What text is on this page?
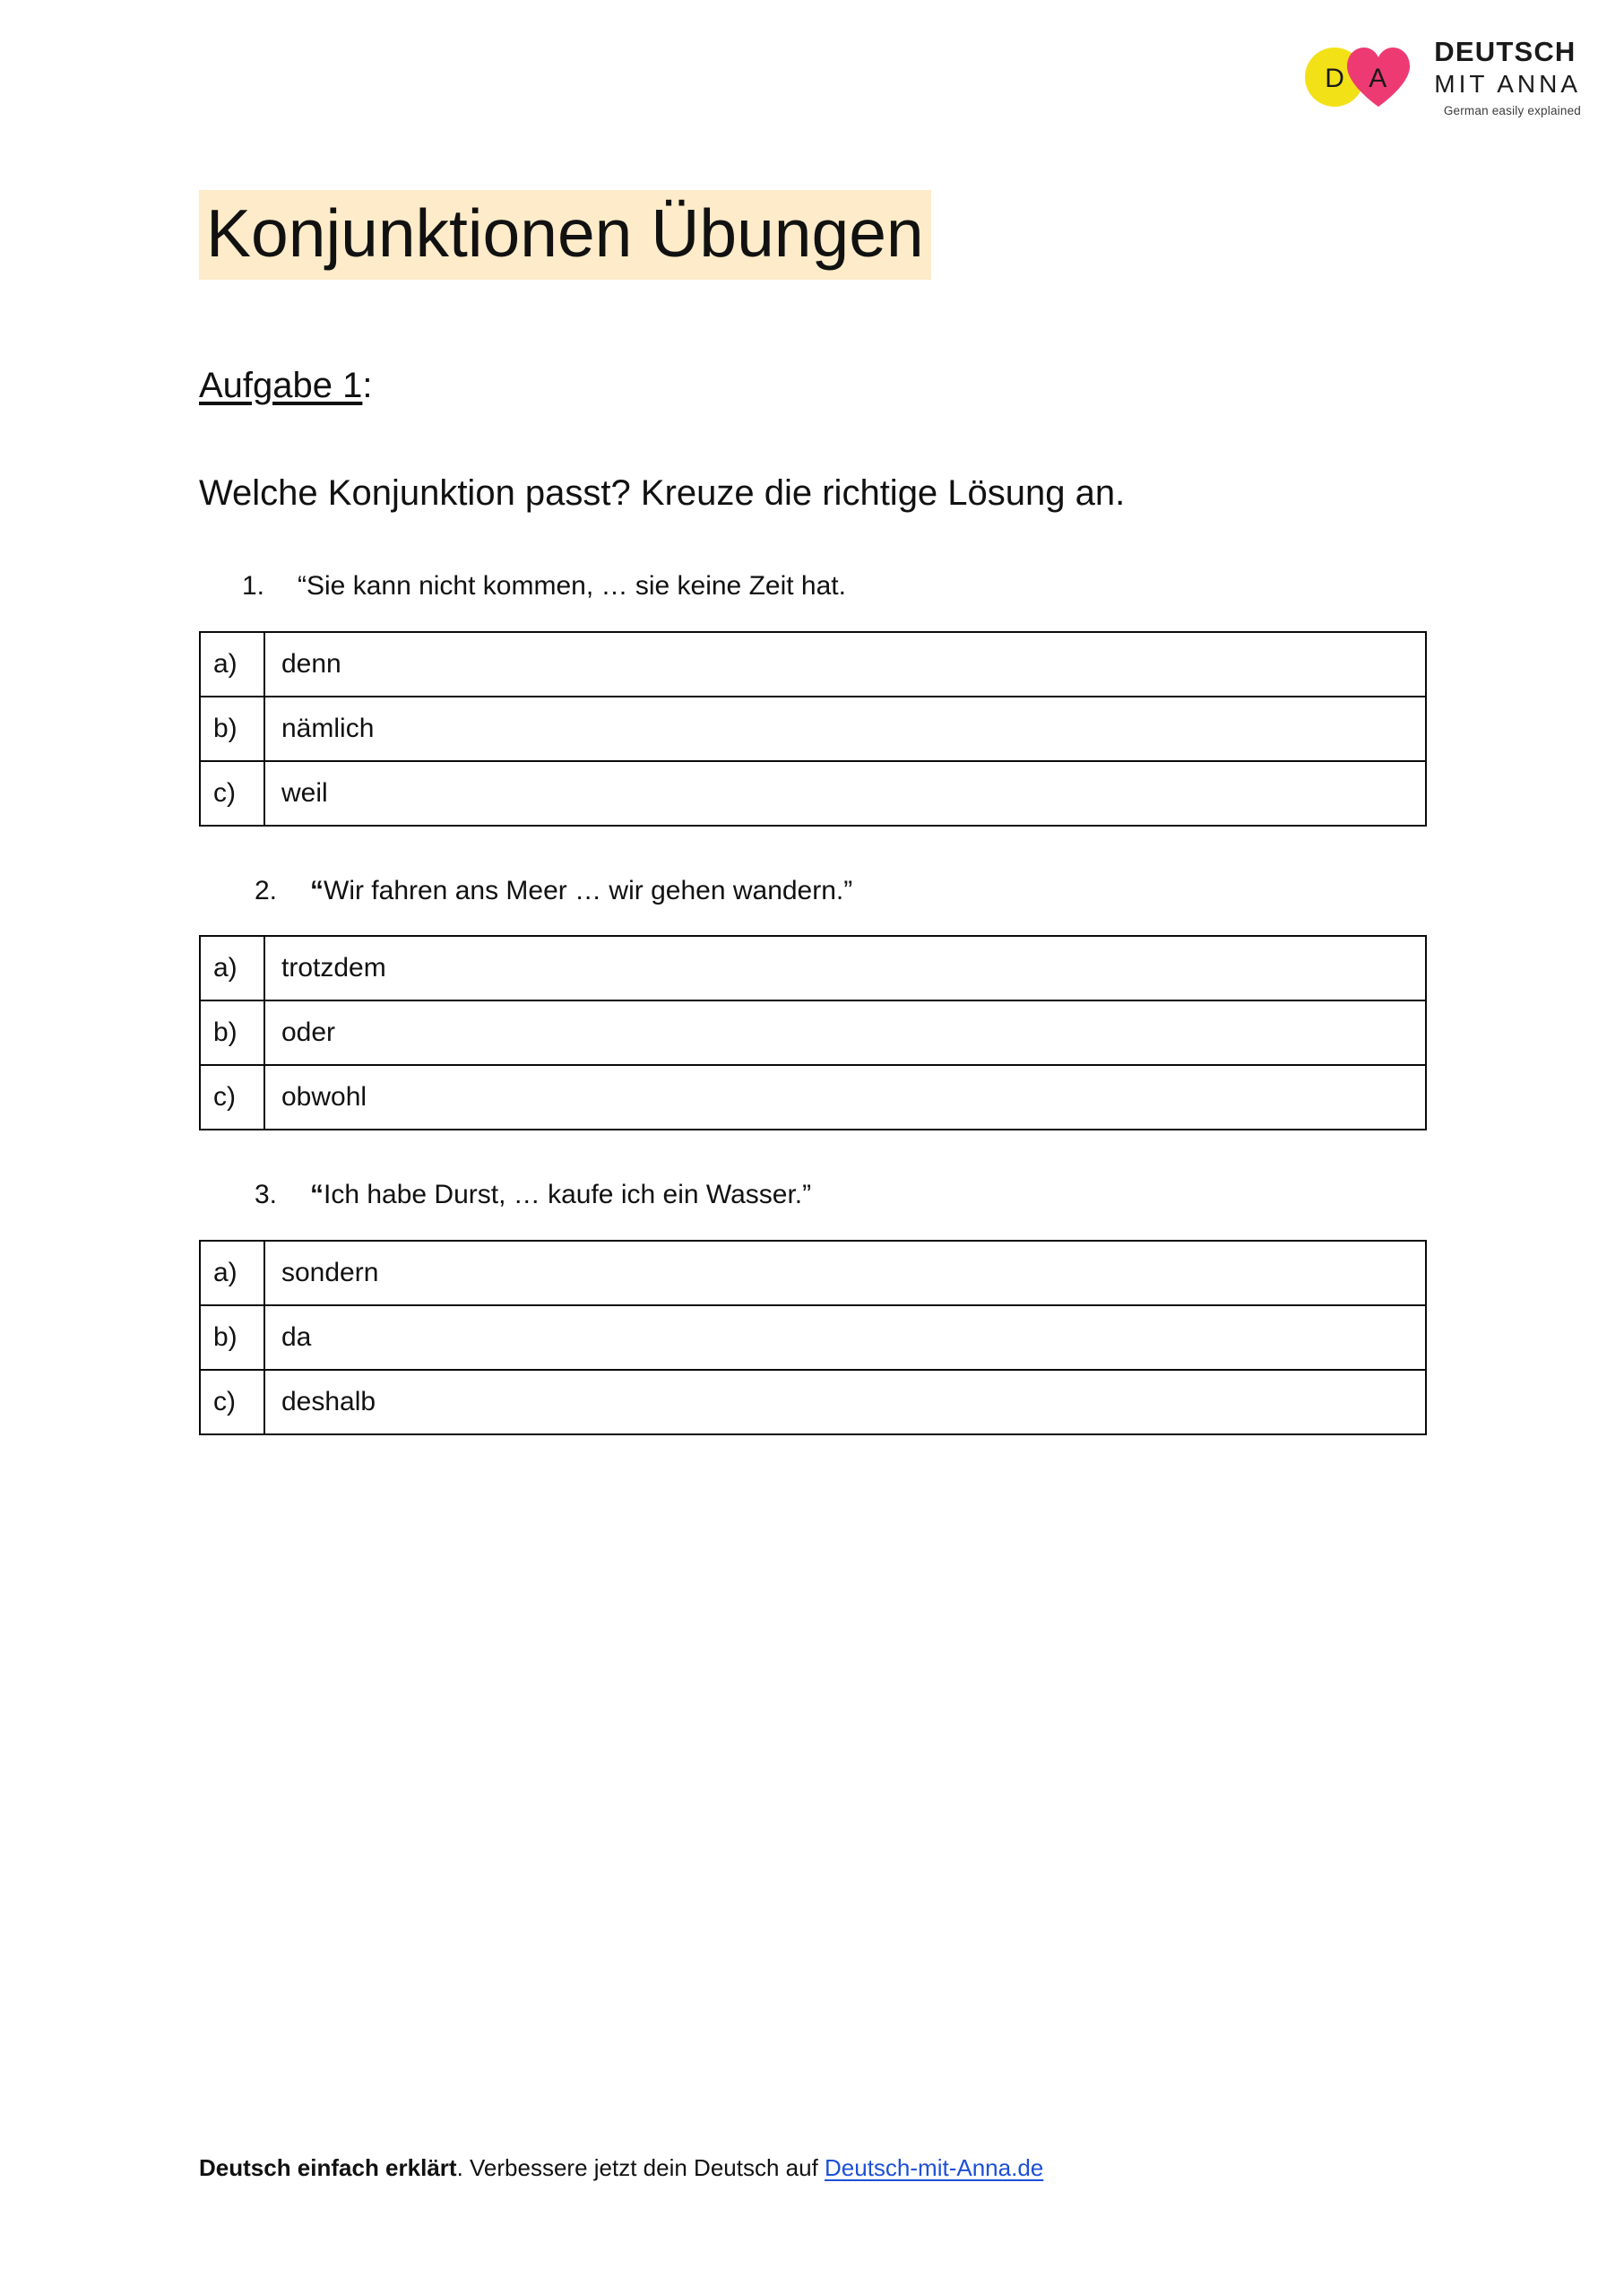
D A
DEUTSCH
MIT ANNA
German easily explained
Konjunktionen Übungen
Aufgabe 1:
Welche Konjunktion passt? Kreuze die richtige Lösung an.
1.	“Sie kann nicht kommen, … sie keine Zeit hat.
a)	denn
b)	nämlich
c)	weil
2.	“Wir fahren ans Meer … wir gehen wandern.”
a)	trotzdem
b)	oder
c)	obwohl
3.	“Ich habe Durst, … kaufe ich ein Wasser.”
a)	sondern
b)	da
c)	deshalb
Deutsch einfach erklärt. Verbessere jetzt dein Deutsch auf Deutsch-mit-Anna.de
